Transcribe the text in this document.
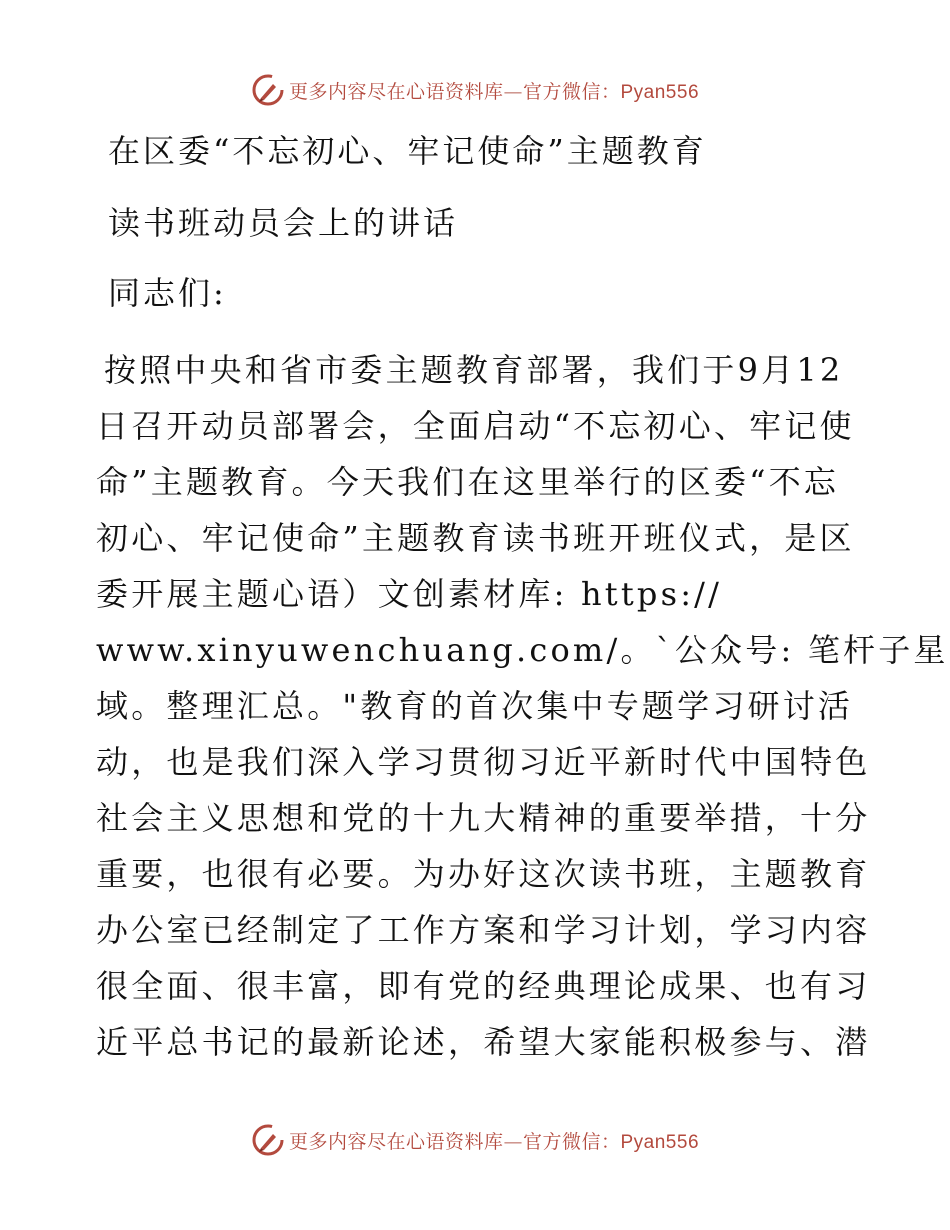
更多内容尽在心语资料库—官方微信：Pyan556
在区委“不忘初心、牢记使命”主题教育
读书班动员会上的讲话
同志们:
按照中央和省市委主题教育部署，我们于9月12
日召开动员部署会，全面启动“不忘初心、牢记使
命”主题教育。今天我们在这里举行的区委“不忘
初心、牢记使命”主题教育读书班开班仪式，是区
委开展主题心语）文创素材库: https://
www.xinyuwenchuang.com/。`公众号: 笔杆子星
域。整理汇总。"教育的首次集中专题学习研讨活
动，也是我们深入学习贯彻习近平新时代中国特色
社会主义思想和党的十九大精神的重要举措，十分
重要，也很有必要。为办好这次读书班，主题教育
办公室已经制定了工作方案和学习计划，学习内容
很全面、很丰富，即有党的经典理论成果、也有习
近平总书记的最新论述，希望大家能积极参与、潜
更多内容尽在心语资料库—官方微信：Pyan556
